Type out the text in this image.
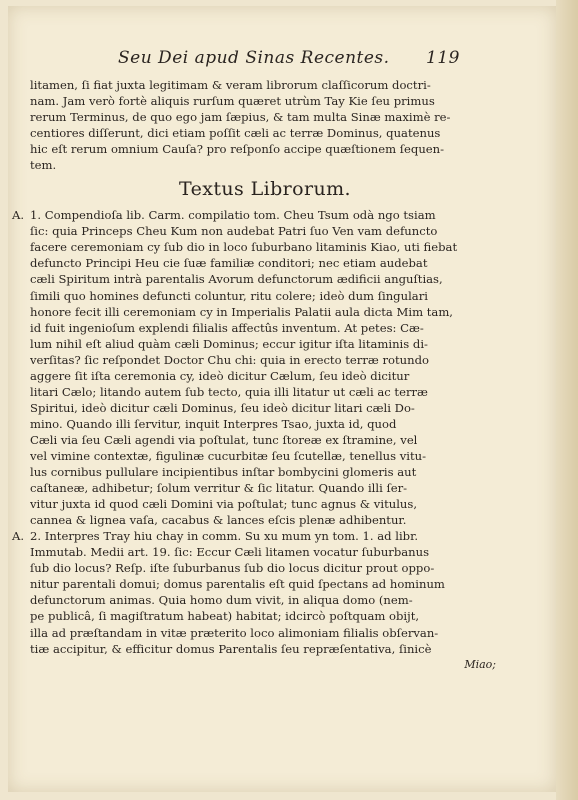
Seu Dei apud Sinas Recentes. 119
litamen, ſi fiat juxta legitimam & veram librorum claſſicorum doctri-
nam. Jam verò fortè aliquis rurſum quæret utrùm Tay Kie ſeu primus
rerum Terminus, de quo ego jam ſæpius, & tam multa Sinæ maximè re-
centiores diſſerunt, dici etiam poſſit cæli ac terræ Dominus, quatenus
hic eſt rerum omnium Cauſa? pro reſponſo accipe quæſtionem ſequen-
tem.
Textus Librorum.
A. 1. Compendioſa lib. Carm. compilatio tom. Cheu Tsum odà ngo tsiam
ſic: quia Princeps Cheu Kum non audebat Patri ſuo Ven vam defuncto
facere ceremoniam cy ſub dio in loco ſuburbano litaminis Kiao, uti fiebat
defuncto Principi Heu cie ſuæ familiæ conditori; nec etiam audebat
cæli Spiritum intrà parentalis Avorum defunctorum ædificii anguſtias,
ſimili quo homines defuncti coluntur, ritu colere; ideò dum ſingulari
honore fecit illi ceremoniam cy in Imperialis Palatii aula dicta Mim tam,
id fuit ingenioſum explendi filialis affectûs inventum. At petes: Cæ-
lum nihil eſt aliud quàm cæli Dominus; eccur igitur iſta litaminis di-
verſitas? ſic reſpondet Doctor Chu chi: quia in erecto terræ rotundo
aggere ſit iſta ceremonia cy, ideò dicitur Cælum, ſeu ideò dicitur
litari Cælo; litando autem ſub tecto, quia illi litatur ut cæli ac terræ
Spiritui, ideò dicitur cæli Dominus, ſeu ideò dicitur litari cæli Do-
mino. Quando illi ſervitur, inquit Interpres Tsao, juxta id, quod
Cæli via ſeu Cæli agendi via poſtulat, tunc ſtoreæ ex ſtramine, vel
vel vimine contextæ, figulinæ cucurbitæ ſeu ſcutellæ, tenellus vitu-
lus cornibus pullulare incipientibus inſtar bombycini glomeris aut
caſtaneæ, adhibetur; ſolum verritur & ſic litatur. Quando illi ſer-
vitur juxta id quod cæli Domini via poſtulat; tunc agnus & vitulus,
cannea & lignea vaſa, cacabus & lances eſcis plenæ adhibentur.
A. 2. Interpres Tray hiu chay in comm. Su xu mum yn tom. 1. ad libr.
Immutab. Medii art. 19. ſic: Eccur Cæli litamen vocatur ſuburbanus
ſub dio locus? Reſp. iſte ſuburbanus ſub dio locus dicitur prout oppo-
nitur parentali domui; domus parentalis eſt quid ſpectans ad hominum
defunctorum animas. Quia homo dum vivit, in aliqua domo (nem-
pe publicâ, ſi magiſtratum habeat) habitat; idcircò poſtquam obijt,
illa ad præſtandam in vitæ præterito loco alimoniam filialis obſervan-
tiæ accipitur, & efficitur domus Parentalis ſeu repræſentativa, ſinicè
Miao;
